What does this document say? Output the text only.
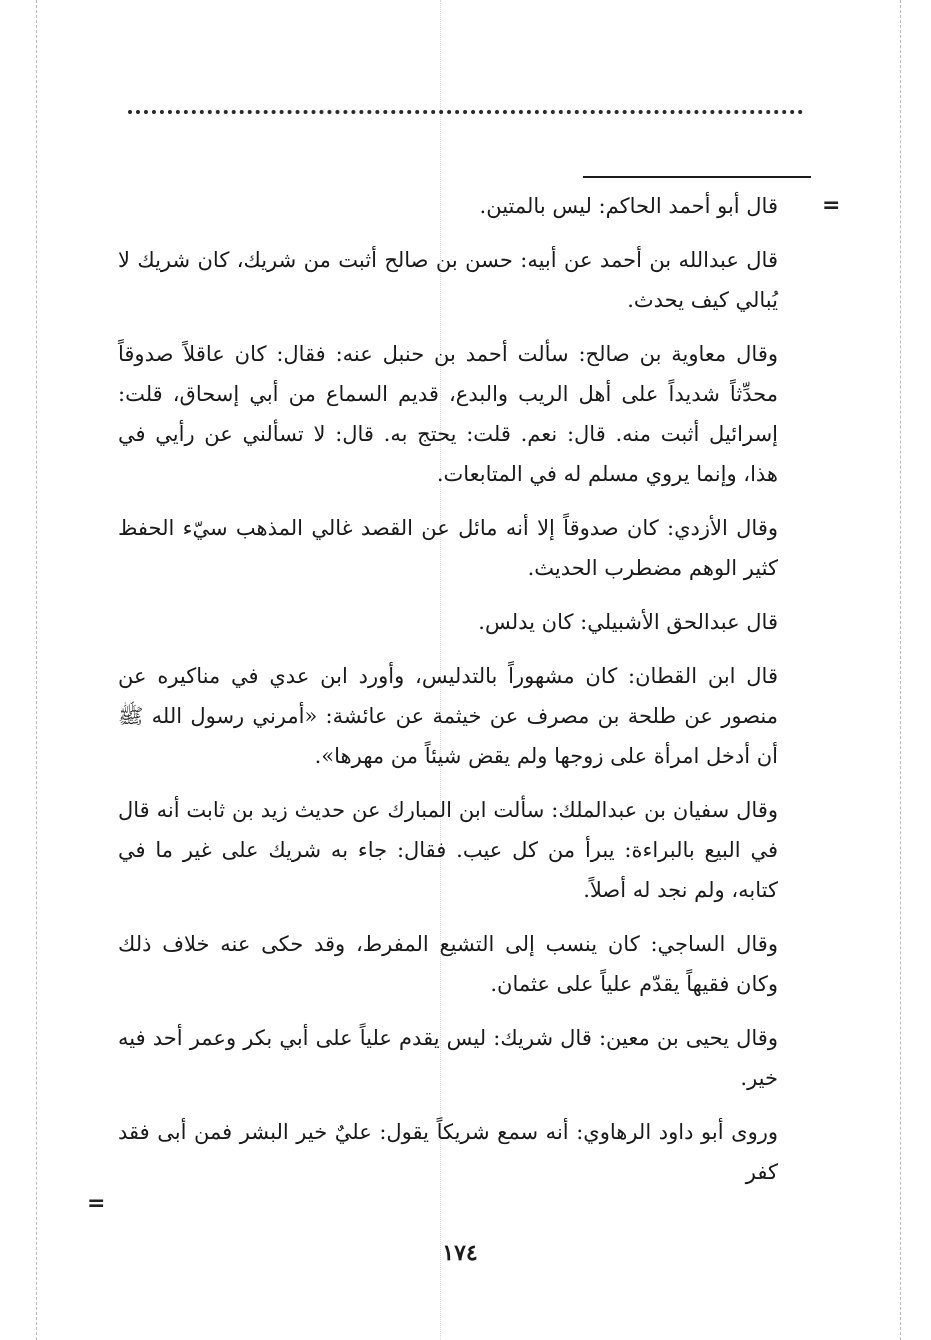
=

قال أبو أحمد الحاكم: ليس بالمتين.

قال عبدالله بن أحمد عن أبيه: حسن بن صالح أثبت من شريك، كان شريك لا يُبالي كيف يحدث.

وقال معاوية بن صالح: سألت أحمد بن حنبل عنه: فقال: كان عاقلاً صدوقاً محدِّثاً شديداً على أهل الريب والبدع، قديم السماع من أبي إسحاق، قلت: إسرائيل أثبت منه. قال: نعم. قلت: يحتج به. قال: لا تسألني عن رأيي في هذا، وإنما يروي مسلم له في المتابعات.

وقال الأزدي: كان صدوقاً إلا أنه مائل عن القصد غالي المذهب سيّء الحفظ كثير الوهم مضطرب الحديث.

قال عبدالحق الأشبيلي: كان يدلس.

قال ابن القطان: كان مشهوراً بالتدليس، وأورد ابن عدي في مناكيره عن منصور عن طلحة بن مصرف عن خيثمة عن عائشة: «أمرني رسول الله ﷺ أن أدخل امرأة على زوجها ولم يقض شيئاً من مهرها».

وقال سفيان بن عبدالملك: سألت ابن المبارك عن حديث زيد بن ثابت أنه قال في البيع بالبراءة: يبرأ من كل عيب. فقال: جاء به شريك على غير ما في كتابه، ولم نجد له أصلاً.

وقال الساجي: كان ينسب إلى التشيع المفرط، وقد حكى عنه خلاف ذلك وكان فقيهاً يقدّم علياً على عثمان.

وقال يحيى بن معين: قال شريك: ليس يقدم علياً على أبي بكر وعمر أحد فيه خير.

وروى أبو داود الرهاوي: أنه سمع شريكاً يقول: عليٌ خير البشر فمن أبى فقد كفر

=
١٧٤
